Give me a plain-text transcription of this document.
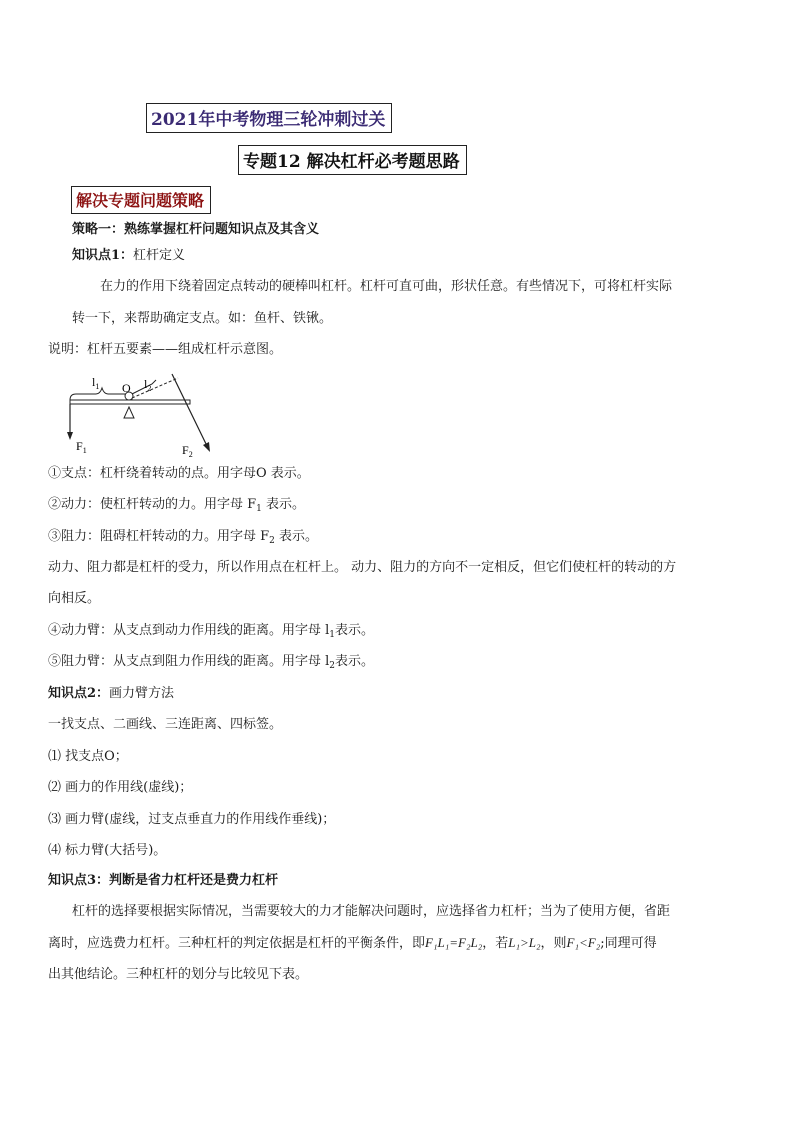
2021年中考物理三轮冲刺过关
专题12 解决杠杆必考题思路
解决专题问题策略
策略一：熟练掌握杠杆问题知识点及其含义
知识点1：杠杆定义
在力的作用下绕着固定点转动的硬棒叫杠杆。杠杆可直可曲，形状任意。有些情况下，可将杠杆实际
转一下，来帮助确定支点。如：鱼杆、铁锹。
说明：杠杆五要素——组成杠杆示意图。
$l_1$	$l_2$
O
$F_1$	$F_2$
①支点：杠杆绕着转动的点。用字母O 表示。
②动力：使杠杆转动的力。用字母 $F_1$ 表示。
③阻力：阻碍杠杆转动的力。用字母 $F_2$ 表示。
动力、阻力都是杠杆的受力，所以作用点在杠杆上。 动力、阻力的方向不一定相反，但它们使杠杆的转动的方
向相反。
④动力臂：从支点到动力作用线的距离。用字母 $l_1$表示。
⑤阻力臂：从支点到阻力作用线的距离。用字母 $l_2$表示。
知识点2：画力臂方法
一找支点、二画线、三连距离、四标签。
⑴ 找支点O；
⑵ 画力的作用线(虚线)；
⑶ 画力臂(虚线，过支点垂直力的作用线作垂线)；
⑷ 标力臂(大括号)。
知识点3：判断是省力杠杆还是费力杠杆
杠杆的选择要根据实际情况，当需要较大的力才能解决问题时，应选择省力杠杆；当为了使用方便，省距
离时，应选费力杠杆。三种杠杆的判定依据是杠杆的平衡条件，即F₁L₁=F₂L₂，若L₁>L₂，则F₁<F₂;同理可得
出其他结论。三种杠杆的划分与比较见下表。
